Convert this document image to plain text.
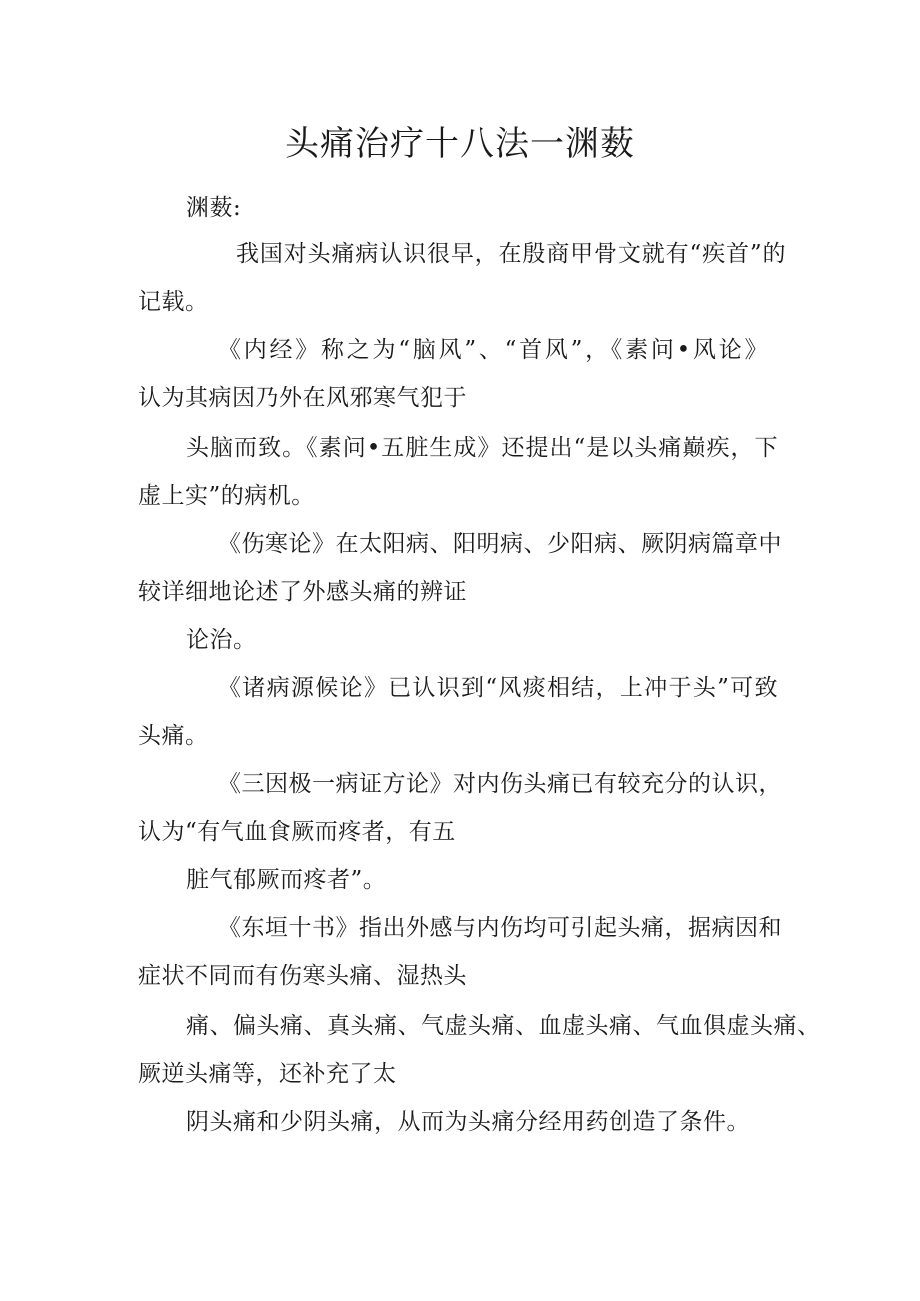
头痛治疗十八法一渊薮
渊薮:
我国对头痛病认识很早，在殷商甲骨文就有“疾首”的
记载。
《内经》称之为“脑风”、“首风”，《素问•风论》
认为其病因乃外在风邪寒气犯于
头脑而致。《素问•五脏生成》还提出“是以头痛巅疾，下
虚上实”的病机。
《伤寒论》在太阳病、阳明病、少阳病、厥阴病篇章中
较详细地论述了外感头痛的辨证
论治。
《诸病源候论》已认识到“风痰相结，上冲于头”可致
头痛。
《三因极一病证方论》对内伤头痛已有较充分的认识，
认为“有气血食厥而疼者，有五
脏气郁厥而疼者”。
《东垣十书》指出外感与内伤均可引起头痛，据病因和
症状不同而有伤寒头痛、湿热头
痛、偏头痛、真头痛、气虚头痛、血虚头痛、气血俱虚头痛、
厥逆头痛等，还补充了太
阴头痛和少阴头痛，从而为头痛分经用药创造了条件。
